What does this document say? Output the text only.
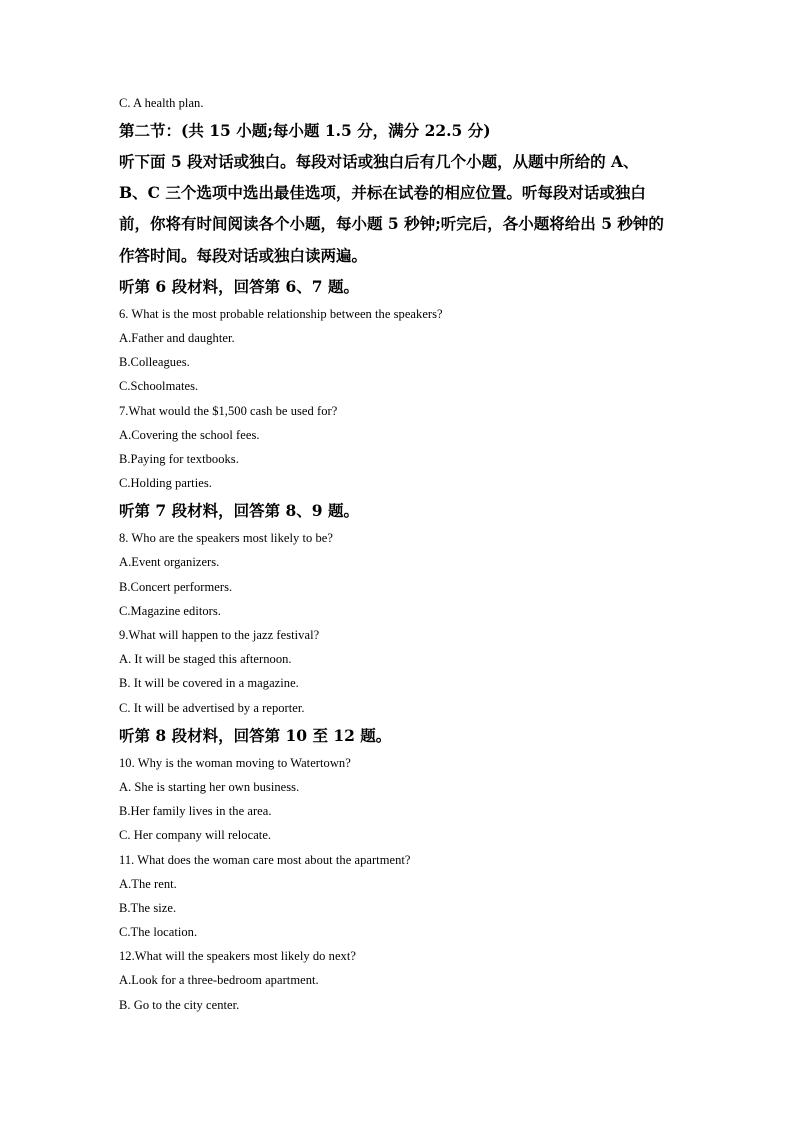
C. A health plan.
第二节：(共 15 小题;每小题 1.5 分，满分 22.5 分)
听下面 5 段对话或独白。每段对话或独白后有几个小题，从题中所给的 A、
B、C 三个选项中选出最佳选项，并标在试卷的相应位置。听每段对话或独白
前，你将有时间阅读各个小题，每小题 5 秒钟;听完后，各小题将给出 5 秒钟的
作答时间。每段对话或独白读两遍。
听第 6 段材料，回答第 6、7 题。
6. What is the most probable relationship between the speakers?
A.Father and daughter.
B.Colleagues.
C.Schoolmates.
7.What would the $1,500 cash be used for?
A.Covering the school fees.
B.Paying for textbooks.
C.Holding parties.
听第 7 段材料，回答第 8、9 题。
8. Who are the speakers most likely to be?
A.Event organizers.
B.Concert performers.
C.Magazine editors.
9.What will happen to the jazz festival?
A. It will be staged this afternoon.
B. It will be covered in a magazine.
C. It will be advertised by a reporter.
听第 8 段材料，回答第 10 至 12 题。
10. Why is the woman moving to Watertown?
A. She is starting her own business.
B.Her family lives in the area.
C. Her company will relocate.
11. What does the woman care most about the apartment?
A.The rent.
B.The size.
C.The location.
12.What will the speakers most likely do next?
A.Look for a three-bedroom apartment.
B. Go to the city center.
